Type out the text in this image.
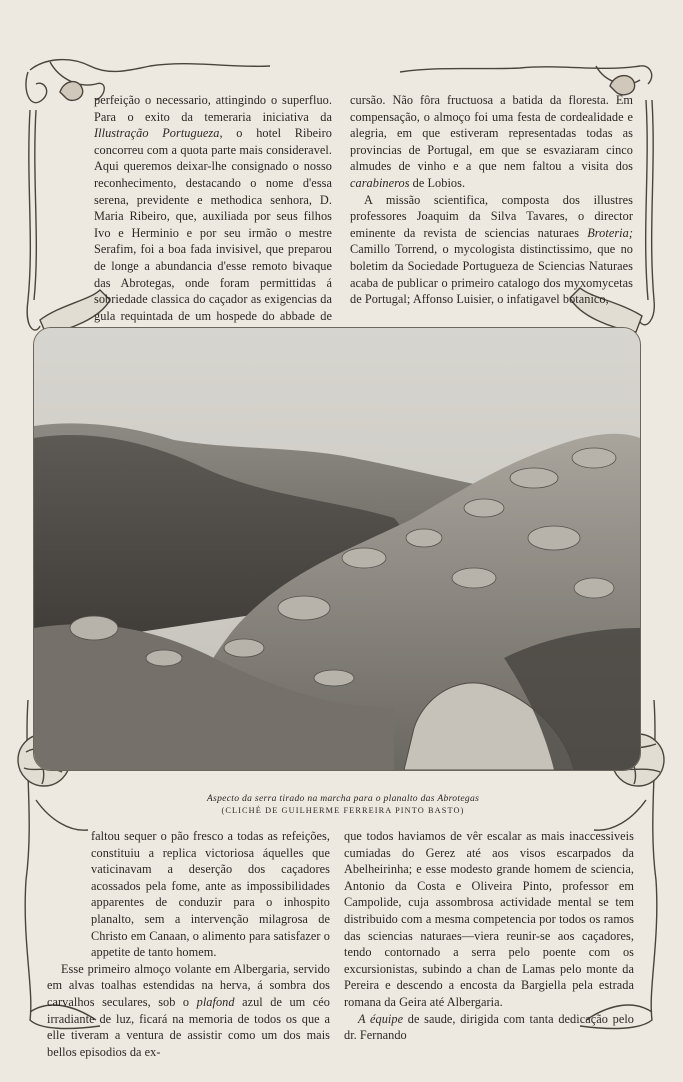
perfeição o necessario, attingindo o superfluo. Para o exito da temeraria iniciativa da Illustração Portugueza, o hotel Ribeiro concorreu com a quota parte mais consideravel. Aqui queremos deixar-lhe consignado o nosso reconhecimento, destacando o nome d'essa serena, previdente e methodica senhora, D. Maria Ribeiro, que, auxiliada por seus filhos Ivo e Herminio e por seu irmão o mestre Serafim, foi a boa fada invisivel, que preparou de longe a abundancia d'esse remoto bivaque das Abrotegas, onde foram permittidas á sobriedade classica do caçador as exigencias da gula requintada de um hospede do abbade de

cursão. Não fôra fructuosa a batida da floresta. Em compensação, o almoço foi uma festa de cordealidade e alegria, em que estiveram representadas todas as provincias de Portugal, em que se esvaziaram cinco almudes de vinho e a que nem faltou a visita dos carabineros de Lobios.

A missão scientifica, composta dos illustres professores Joaquim da Silva Tavares, o director eminente da revista de sciencias naturaes Broteria; Camillo Torrend, o mycologista distinctissimo, que no boletim da Sociedade Portugueza de Sciencias Naturaes acaba de publicar o primeiro catalogo dos myxomycetas de Portugal; Affonso Luisier, o infatigavel botanico,

Aspecto da serra tirado na marcha para o planalto das Abrotegas
(CLICHÉ DE GUILHERME FERREIRA PINTO BASTO)

faltou sequer o pão fresco a todas as refeições, constituiu a replica victoriosa áquelles que vaticinavam a deserção dos caçadores acossados pela fome, ante as impossibilidades apparentes de conduzir para o inhospito planalto, sem a intervenção milagrosa de Christo em Canaan, o alimento para satisfazer o appetite de tanto homem.

Esse primeiro almoço volante em Albergaria, servido em alvas toalhas estendidas na herva, á sombra dos carvalhos seculares, sob o plafond azul de um céo irradiante de luz, ficará na memoria de todos os que a elle tiveram a ventura de assistir como um dos mais bellos episodios da ex-

que todos haviamos de vêr escalar as mais inaccessiveis cumiadas do Gerez até aos visos escarpados da Abelheirinha; e esse modesto grande homem de sciencia, Antonio da Costa e Oliveira Pinto, professor em Campolide, cuja assombrosa actividade mental se tem distribuido com a mesma competencia por todos os ramos das sciencias naturaes—viera reunir-se aos caçadores, tendo contornado a serra pelo poente com os excursionistas, subindo a chan de Lamas pelo monte da Pereira e descendo a encosta da Bargiella pela estrada romana da Geira até Albergaria.

A équipe de saude, dirigida com tanta dedicação pelo dr. Fernando
